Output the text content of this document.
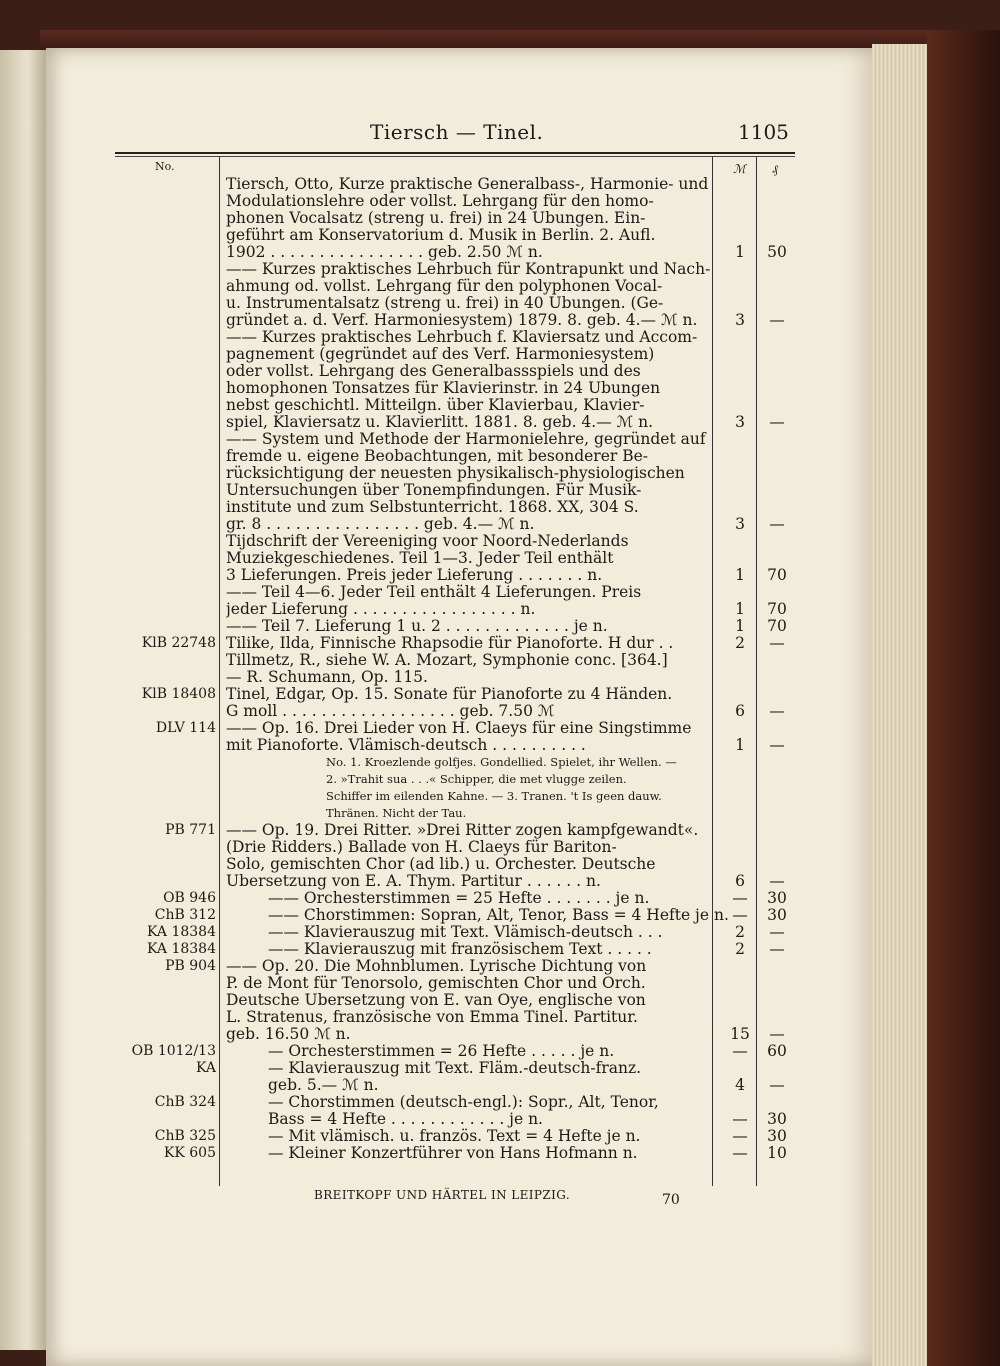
Tiersch — Tinel.	1105
No.	ℳ ₰
Tiersch, Otto, Kurze praktische Generalbass-, Harmonie- und
Modulationslehre oder vollst. Lehrgang für den homo-
phonen Vocalsatz (streng u. frei) in 24 Übungen. Ein-
geführt am Konservatorium d. Musik in Berlin. 2. Aufl.
1902 . . . . . . . . . . . . . . . . geb. 2.50 ℳ n.	1	50
—— Kurzes praktisches Lehrbuch für Kontrapunkt und Nach-
ahmung od. vollst. Lehrgang für den polyphonen Vocal-
u. Instrumentalsatz (streng u. frei) in 40 Übungen. (Ge-
gründet a. d. Verf. Harmoniesystem) 1879. 8. geb. 4.— ℳ n.	3	—
—— Kurzes praktisches Lehrbuch f. Klaviersatz und Accom-
pagnement (gegründet auf des Verf. Harmoniesystem)
oder vollst. Lehrgang des Generalbassspiels und des
homophonen Tonsatzes für Klavierinstr. in 24 Übungen
nebst geschichtl. Mitteilgn. über Klavierbau, Klavier-
spiel, Klaviersatz u. Klavierlitt. 1881. 8. geb. 4.— ℳ n.	3	—
—— System und Methode der Harmonielehre, gegründet auf
fremde u. eigene Beobachtungen, mit besonderer Be-
rücksichtigung der neuesten physikalisch-physiologischen
Untersuchungen über Tonempfindungen. Für Musik-
institute und zum Selbstunterricht. 1868. XX, 304 S.
gr. 8 . . . . . . . . . . . . . . . . geb. 4.— ℳ n.	3	—
Tijdschrift der Vereeniging voor Noord-Nederlands
Muziekgeschiedenes. Teil 1—3. Jeder Teil enthält
3 Lieferungen. Preis jeder Lieferung . . . . . . . n.	1	70
—— Teil 4—6. Jeder Teil enthält 4 Lieferungen. Preis
jeder Lieferung . . . . . . . . . . . . . . . . . n.	1	70
—— Teil 7. Lieferung 1 u. 2 . . . . . . . . . . . . . je n.	1	70
KlB 22748 Tilike, Ilda, Finnische Rhapsodie für Pianoforte. H dur . .	2	—
Tillmetz, R., siehe W. A. Mozart, Symphonie conc. [364.]
— R. Schumann, Op. 115.
KlB 18408 Tinel, Edgar, Op. 15. Sonate für Pianoforte zu 4 Händen.
G moll . . . . . . . . . . . . . . . . . . geb. 7.50 ℳ	6	—
DLV 114 —— Op. 16. Drei Lieder von H. Claeys für eine Singstimme
mit Pianoforte. Vlämisch-deutsch . . . . . . . . . .	1	—
No. 1. Kroezlende golfjes. Gondellied. Spielet, ihr Wellen. —
2. »Trahit sua . . .« Schipper, die met vlugge zeilen.
Schiffer im eilenden Kahne. — 3. Tranen. 't Is geen dauw.
Thränen. Nicht der Tau.
PB 771 —— Op. 19. Drei Ritter. »Drei Ritter zogen kampfgewandt«.
(Drie Ridders.) Ballade von H. Claeys für Bariton-
Solo, gemischten Chor (ad lib.) u. Orchester. Deutsche
Übersetzung von E. A. Thym. Partitur . . . . . . n.	6	—
OB 946	—— Orchesterstimmen = 25 Hefte . . . . . . . je n.	— 30
ChB 312	—— Chorstimmen: Sopran, Alt, Tenor, Bass = 4 Hefte je n. — 30
KA 18384	—— Klavierauszug mit Text. Vlämisch-deutsch . . .	2	—
KA 18384	—— Klavierauszug mit französischem Text . . . . .	2	—
PB 904 —— Op. 20. Die Mohnblumen. Lyrische Dichtung von
P. de Mont für Tenorsolo, gemischten Chor und Orch.
Deutsche Übersetzung von E. van Oye, englische von
L. Stratenus, französische von Emma Tinel. Partitur.
geb. 16.50 ℳ n.	15 —
OB 1012/13	— Orchesterstimmen = 26 Hefte . . . . . je n.	— 60
KA	— Klavierauszug mit Text. Fläm.-deutsch-franz.
geb. 5.— ℳ n.	4	—
ChB 324	— Chorstimmen (deutsch-engl.): Sopr., Alt, Tenor,
Bass = 4 Hefte . . . . . . . . . . . . je n.	— 30
ChB 325	— Mit vlämisch. u. französ. Text = 4 Hefte je n.	— 30
KK 605	— Kleiner Konzertführer von Hans Hofmann n.	— 10
BREITKOPF UND HÄRTEL IN LEIPZIG.	70
